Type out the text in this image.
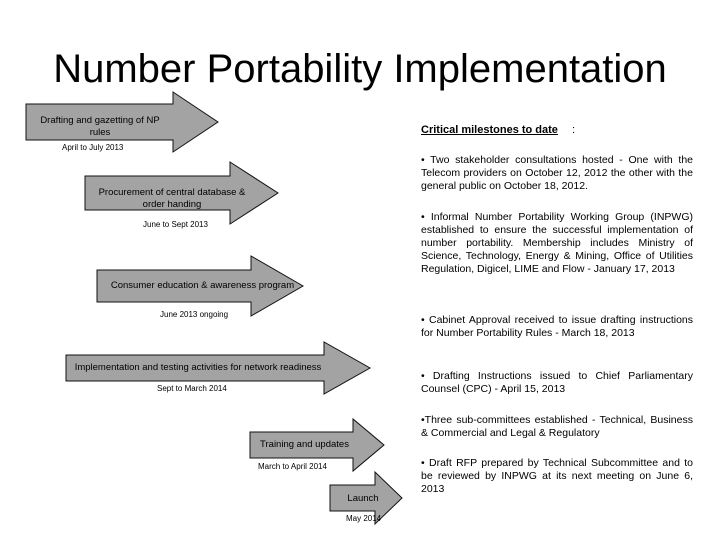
Number Portability Implementation
Drafting and gazetting of NP rules
April to July 2013
Procurement of central database & order handing
June to Sept 2013
Consumer education & awareness program
June 2013 ongoing
Implementation and testing activities for network readiness
Sept to March 2014
Training and updates
March to April 2014
Launch
May 2014
Critical milestones to date :
• Two stakeholder consultations hosted - One with the Telecom providers on October 12, 2012 the other with the general public on October 18, 2012.
• Informal Number Portability Working Group (INPWG) established to ensure the successful implementation of number portability. Membership includes Ministry of Science, Technology, Energy & Mining, Office of Utilities Regulation, Digicel, LIME and Flow - January 17, 2013
• Cabinet Approval received to issue drafting instructions for Number Portability Rules - March 18, 2013
• Drafting Instructions issued to Chief Parliamentary Counsel (CPC) - April 15, 2013
•Three sub-committees established - Technical, Business & Commercial and Legal & Regulatory
• Draft RFP prepared by Technical Subcommittee and to be reviewed by INPWG at its next meeting on June 6, 2013
